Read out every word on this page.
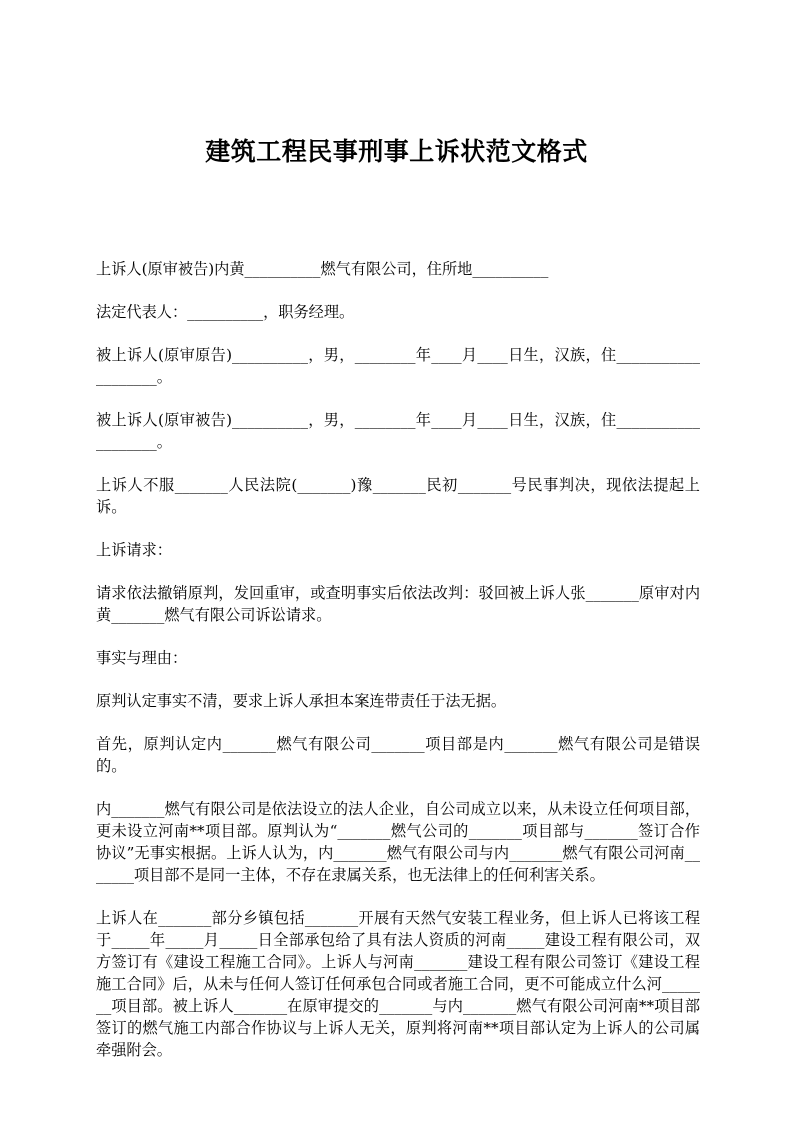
建筑工程民事刑事上诉状范文格式

上诉人(原审被告)内黄__________燃气有限公司，住所地__________

法定代表人：__________，职务经理。

被上诉人(原审原告)__________，男，________年____月____日生，汉族，住___________________。

被上诉人(原审被告)__________，男，________年____月____日生，汉族，住___________________。

上诉人不服_______人民法院(_______)豫_______民初_______号民事判决，现依法提起上诉。

上诉请求：

请求依法撤销原判，发回重审，或查明事实后依法改判：驳回被上诉人张_______原审对内黄_______燃气有限公司诉讼请求。

事实与理由：

原判认定事实不清，要求上诉人承担本案连带责任于法无据。

首先，原判认定内_______燃气有限公司_______项目部是内_______燃气有限公司是错误的。

内_______燃气有限公司是依法设立的法人企业，自公司成立以来，从未设立任何项目部，更未设立河南**项目部。原判认为“_______燃气公司的_______项目部与_______签订合作协议”无事实根据。上诉人认为，内_______燃气有限公司与内_______燃气有限公司河南_______项目部不是同一主体，不存在隶属关系，也无法律上的任何利害关系。

上诉人在_______部分乡镇包括_______开展有天然气安装工程业务，但上诉人已将该工程于_____年_____月_____日全部承包给了具有法人资质的河南_____建设工程有限公司，双方签订有《建设工程施工合同》。上诉人与河南_______建设工程有限公司签订《建设工程施工合同》后，从未与任何人签订任何承包合同或者施工合同，更不可能成立什么河_______项目部。被上诉人_______在原审提交的_______与内_______燃气有限公司河南**项目部签订的燃气施工内部合作协议与上诉人无关，原判将河南**项目部认定为上诉人的公司属牵强附会。
